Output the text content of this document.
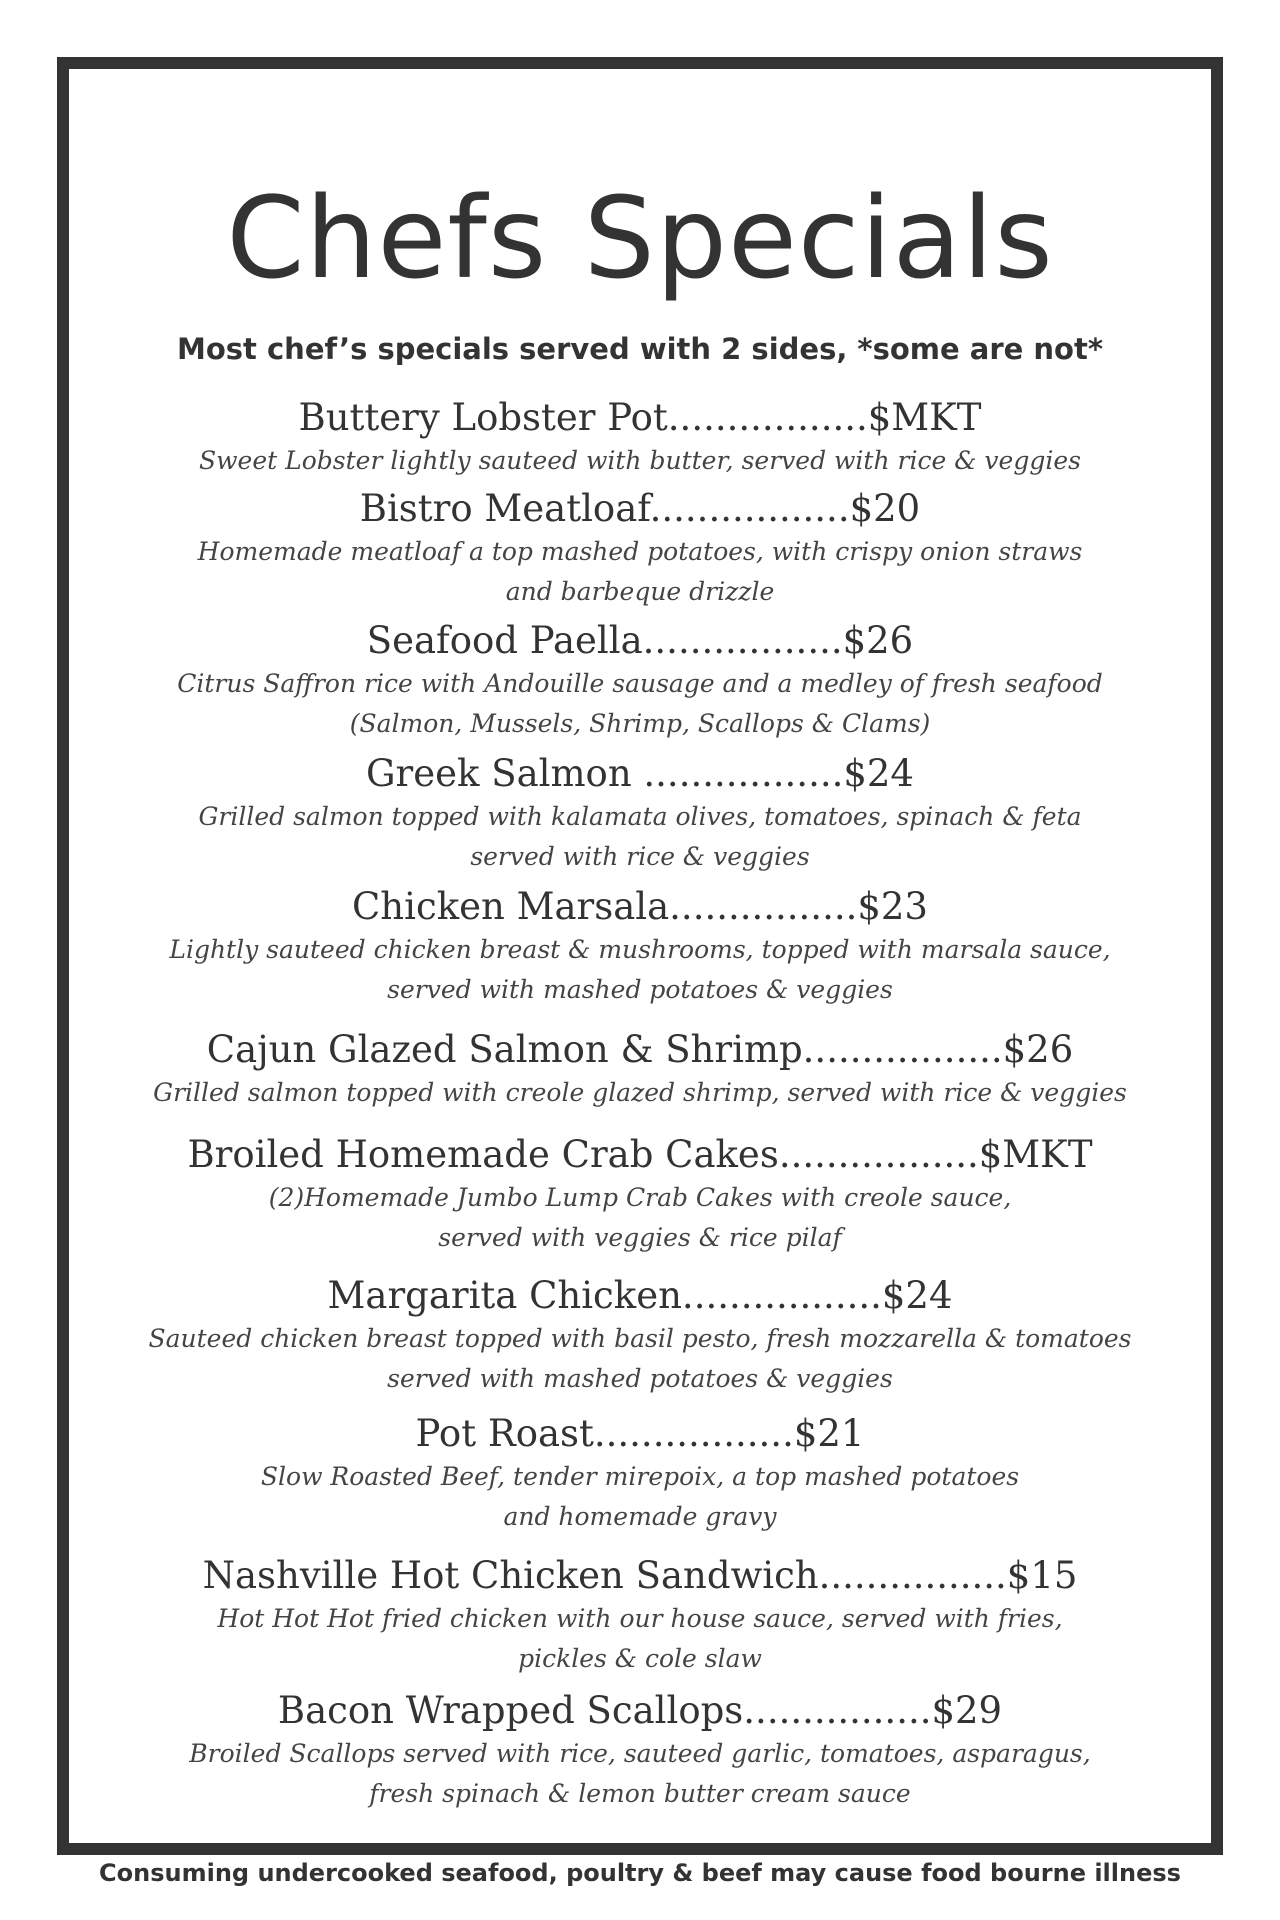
Chefs Specials
Most chef’s specials served with 2 sides, *some are not*
Buttery Lobster Pot.................$MKT
Sweet Lobster lightly sauteed with butter, served with rice & veggies
Bistro Meatloaf.................$20
Homemade meatloaf a top mashed potatoes, with crispy onion straws
and barbeque drizzle
Seafood Paella.................$26
Citrus Saffron rice with Andouille sausage and a medley of fresh seafood
(Salmon, Mussels, Shrimp, Scallops & Clams)
Greek Salmon .................$24
Grilled salmon topped with kalamata olives, tomatoes, spinach & feta
served with rice & veggies
Chicken Marsala................$23
Lightly sauteed chicken breast & mushrooms, topped with marsala sauce,
served with mashed potatoes & veggies
Cajun Glazed Salmon & Shrimp.................$26
Grilled salmon topped with creole glazed shrimp, served with rice & veggies
Broiled Homemade Crab Cakes.................$MKT
(2)Homemade Jumbo Lump Crab Cakes with creole sauce,
served with veggies & rice pilaf
Margarita Chicken.................$24
Sauteed chicken breast topped with basil pesto, fresh mozzarella & tomatoes
served with mashed potatoes & veggies
Pot Roast.................$21
Slow Roasted Beef, tender mirepoix, a top mashed potatoes
and homemade gravy
Nashville Hot Chicken Sandwich................$15
Hot Hot Hot fried chicken with our house sauce, served with fries,
pickles & cole slaw
Bacon Wrapped Scallops................$29
Broiled Scallops served with rice, sauteed garlic, tomatoes, asparagus,
fresh spinach & lemon butter cream sauce
Consuming undercooked seafood, poultry & beef may cause food bourne illness
